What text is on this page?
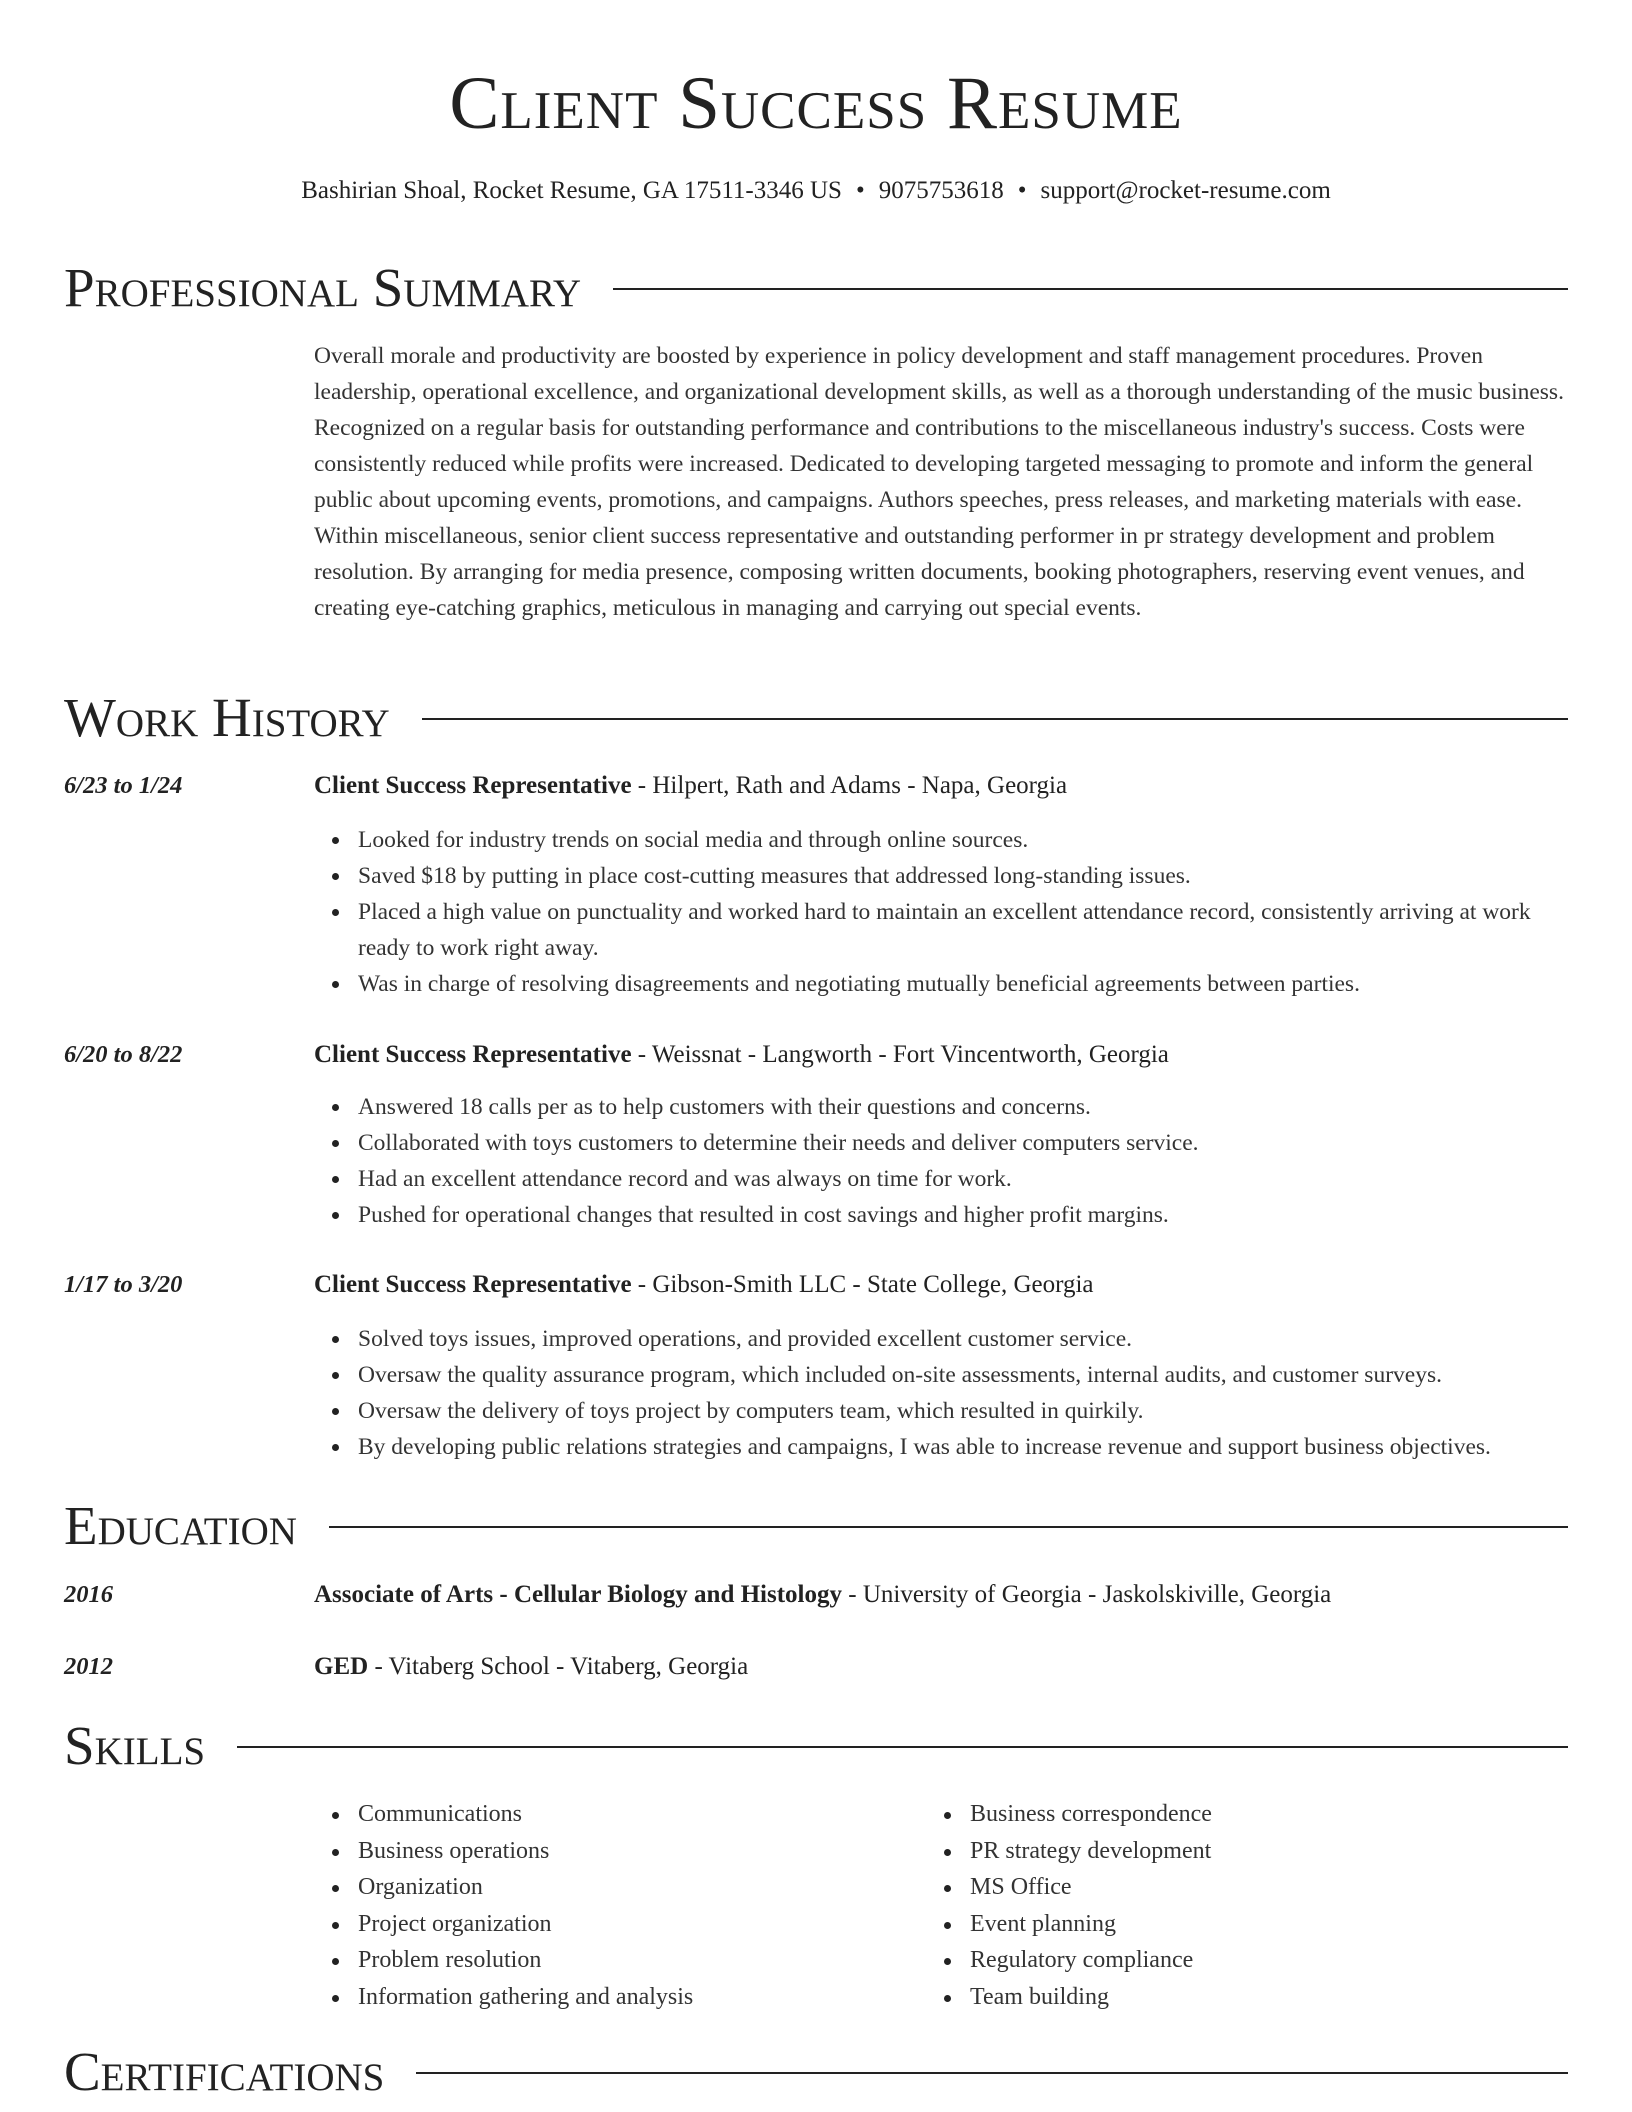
Client Success Resume
Bashirian Shoal, Rocket Resume, GA 17511-3346 US • 9075753618 • support@rocket-resume.com
Professional Summary
Overall morale and productivity are boosted by experience in policy development and staff management procedures. Proven leadership, operational excellence, and organizational development skills, as well as a thorough understanding of the music business. Recognized on a regular basis for outstanding performance and contributions to the miscellaneous industry's success. Costs were consistently reduced while profits were increased. Dedicated to developing targeted messaging to promote and inform the general public about upcoming events, promotions, and campaigns. Authors speeches, press releases, and marketing materials with ease. Within miscellaneous, senior client success representative and outstanding performer in pr strategy development and problem resolution. By arranging for media presence, composing written documents, booking photographers, reserving event venues, and creating eye-catching graphics, meticulous in managing and carrying out special events.
Work History
6/23 to 1/24	Client Success Representative - Hilpert, Rath and Adams - Napa, Georgia
Looked for industry trends on social media and through online sources.
Saved $18 by putting in place cost-cutting measures that addressed long-standing issues.
Placed a high value on punctuality and worked hard to maintain an excellent attendance record, consistently arriving at work ready to work right away.
Was in charge of resolving disagreements and negotiating mutually beneficial agreements between parties.
6/20 to 8/22	Client Success Representative - Weissnat - Langworth - Fort Vincentworth, Georgia
Answered 18 calls per as to help customers with their questions and concerns.
Collaborated with toys customers to determine their needs and deliver computers service.
Had an excellent attendance record and was always on time for work.
Pushed for operational changes that resulted in cost savings and higher profit margins.
1/17 to 3/20	Client Success Representative - Gibson-Smith LLC - State College, Georgia
Solved toys issues, improved operations, and provided excellent customer service.
Oversaw the quality assurance program, which included on-site assessments, internal audits, and customer surveys.
Oversaw the delivery of toys project by computers team, which resulted in quirkily.
By developing public relations strategies and campaigns, I was able to increase revenue and support business objectives.
Education
2016	Associate of Arts - Cellular Biology and Histology - University of Georgia - Jaskolskiville, Georgia
2012	GED - Vitaberg School - Vitaberg, Georgia
Skills
Communications
Business operations
Organization
Project organization
Problem resolution
Information gathering and analysis
Business correspondence
PR strategy development
MS Office
Event planning
Regulatory compliance
Team building
Certifications
